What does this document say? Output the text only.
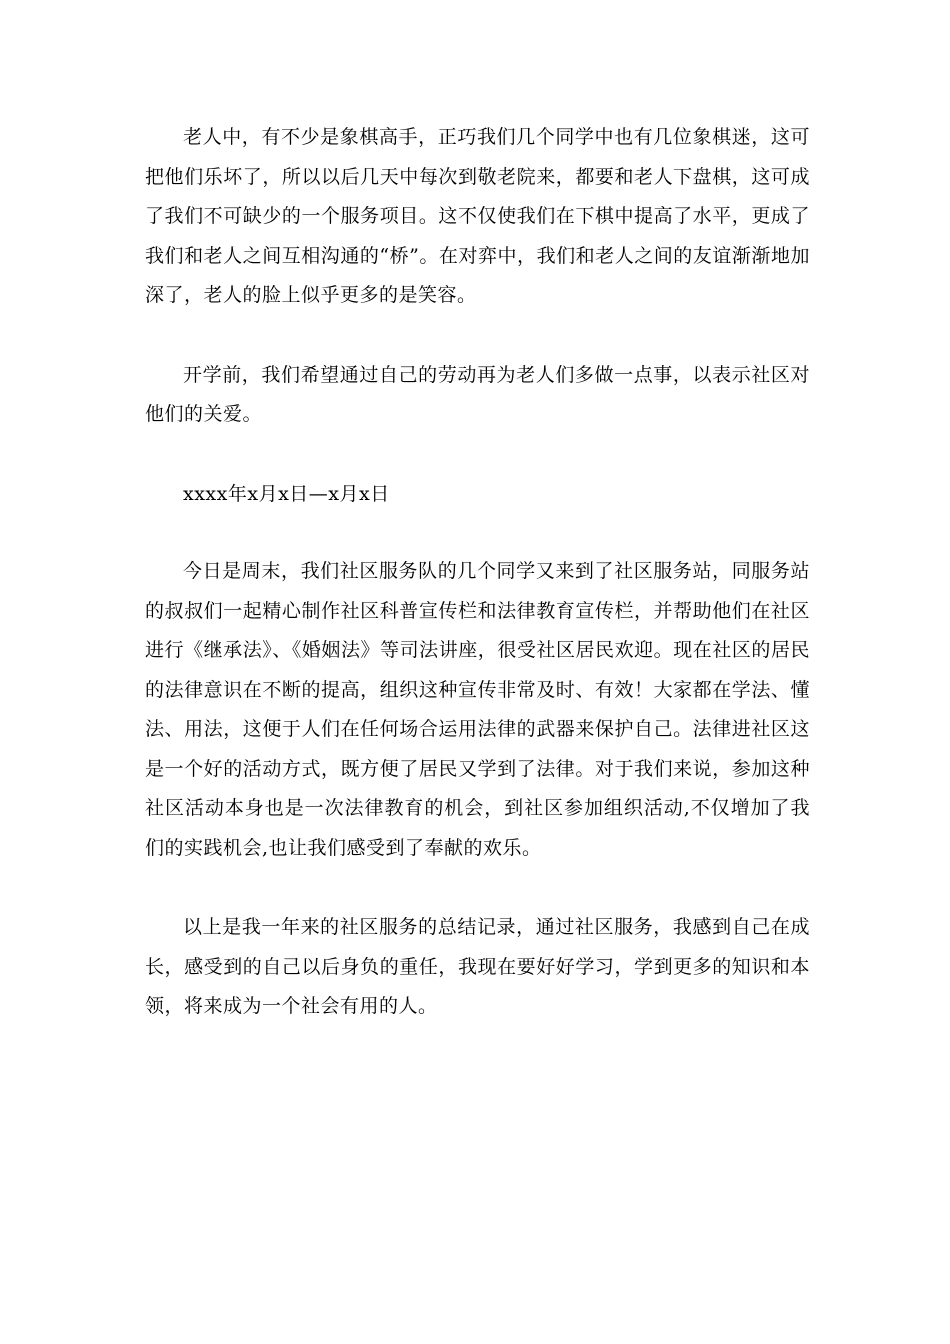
老人中，有不少是象棋高手，正巧我们几个同学中也有几位象棋迷，这可把他们乐坏了，所以以后几天中每次到敬老院来，都要和老人下盘棋，这可成了我们不可缺少的一个服务项目。这不仅使我们在下棋中提高了水平，更成了我们和老人之间互相沟通的“桥”。在对弈中，我们和老人之间的友谊渐渐地加深了，老人的脸上似乎更多的是笑容。

开学前，我们希望通过自己的劳动再为老人们多做一点事，以表示社区对他们的关爱。

xxxx年x月x日—x月x日

今日是周末，我们社区服务队的几个同学又来到了社区服务站，同服务站的叔叔们一起精心制作社区科普宣传栏和法律教育宣传栏，并帮助他们在社区进行《继承法》、《婚姻法》等司法讲座，很受社区居民欢迎。现在社区的居民的法律意识在不断的提高，组织这种宣传非常及时、有效！大家都在学法、懂法、用法，这便于人们在任何场合运用法律的武器来保护自己。法律进社区这是一个好的活动方式，既方便了居民又学到了法律。对于我们来说，参加这种社区活动本身也是一次法律教育的机会，到社区参加组织活动,不仅增加了我们的实践机会,也让我们感受到了奉献的欢乐。

以上是我一年来的社区服务的总结记录，通过社区服务，我感到自己在成长，感受到的自己以后身负的重任，我现在要好好学习，学到更多的知识和本领，将来成为一个社会有用的人。
